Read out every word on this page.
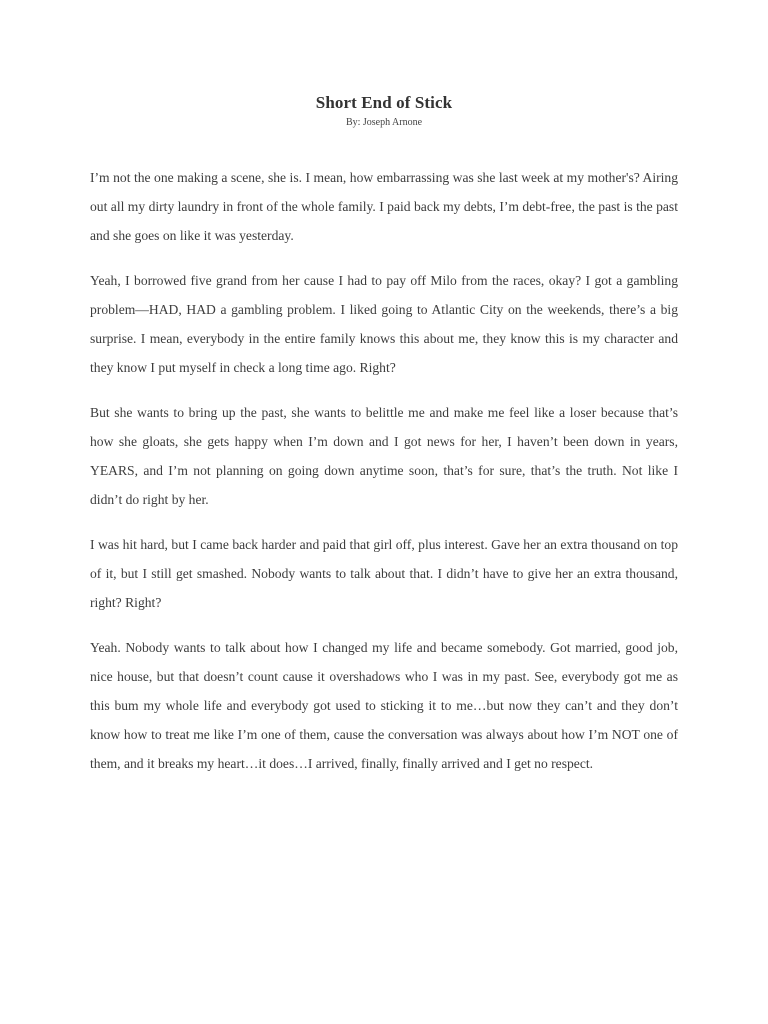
Short End of Stick

By: Joseph Arnone

I’m not the one making a scene, she is. I mean, how embarrassing was she last week at my mother's? Airing out all my dirty laundry in front of the whole family. I paid back my debts, I’m debt-free, the past is the past and she goes on like it was yesterday.

Yeah, I borrowed five grand from her cause I had to pay off Milo from the races, okay? I got a gambling problem—HAD, HAD a gambling problem. I liked going to Atlantic City on the weekends, there’s a big surprise. I mean, everybody in the entire family knows this about me, they know this is my character and they know I put myself in check a long time ago. Right?

But she wants to bring up the past, she wants to belittle me and make me feel like a loser because that’s how she gloats, she gets happy when I’m down and I got news for her, I haven’t been down in years, YEARS, and I’m not planning on going down anytime soon, that’s for sure, that’s the truth. Not like I didn’t do right by her.

I was hit hard, but I came back harder and paid that girl off, plus interest. Gave her an extra thousand on top of it, but I still get smashed. Nobody wants to talk about that. I didn’t have to give her an extra thousand, right? Right?

Yeah. Nobody wants to talk about how I changed my life and became somebody. Got married, good job, nice house, but that doesn’t count cause it overshadows who I was in my past. See, everybody got me as this bum my whole life and everybody got used to sticking it to me…but now they can’t and they don’t know how to treat me like I’m one of them, cause the conversation was always about how I’m NOT one of them, and it breaks my heart…it does…I arrived, finally, finally arrived and I get no respect.
